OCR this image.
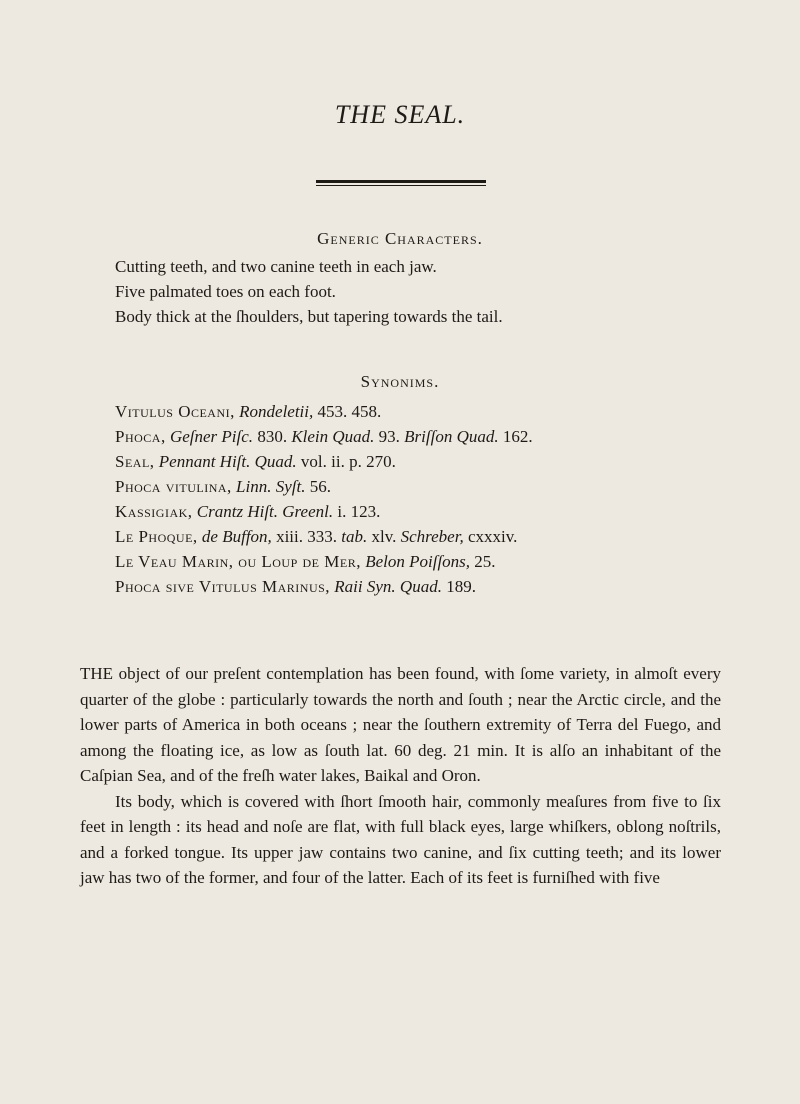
THE SEAL.
Generic Characters.
Cutting teeth, and two canine teeth in each jaw.
Five palmated toes on each foot.
Body thick at the ſhoulders, but tapering towards the tail.
Synonims.
Vitulus Oceani, Rondeletii, 453. 458.
Phoca, Geſner Piſc. 830. Klein Quad. 93. Briſſon Quad. 162.
Seal, Pennant Hiſt. Quad. vol. ii. p. 270.
Phoca vitulina, Linn. Syſt. 56.
Kassigiak, Crantz Hiſt. Greenl. i. 123.
Le Phoque, de Buffon, xiii. 333. tab. xlv. Schreber, cxxxiv.
Le Veau Marin, ou Loup de Mer, Belon Poiſſons, 25.
Phoca sive Vitulus Marinus, Raii Syn. Quad. 189.

THE object of our preſent contemplation has been found, with ſome variety, in almoſt every quarter of the globe : particularly towards the north and ſouth ; near the Arctic circle, and the lower parts of America in both oceans ; near the ſouthern extremity of Terra del Fuego, and among the floating ice, as low as ſouth lat. 60 deg. 21 min. It is alſo an inhabitant of the Caſpian Sea, and of the freſh water lakes, Baikal and Oron.

Its body, which is covered with ſhort ſmooth hair, commonly meaſures from five to ſix feet in length : its head and noſe are flat, with full black eyes, large whiſkers, oblong noſtrils, and a forked tongue. Its upper jaw contains two canine, and ſix cutting teeth; and its lower jaw has two of the former, and four of the latter. Each of its feet is furniſhed with five
